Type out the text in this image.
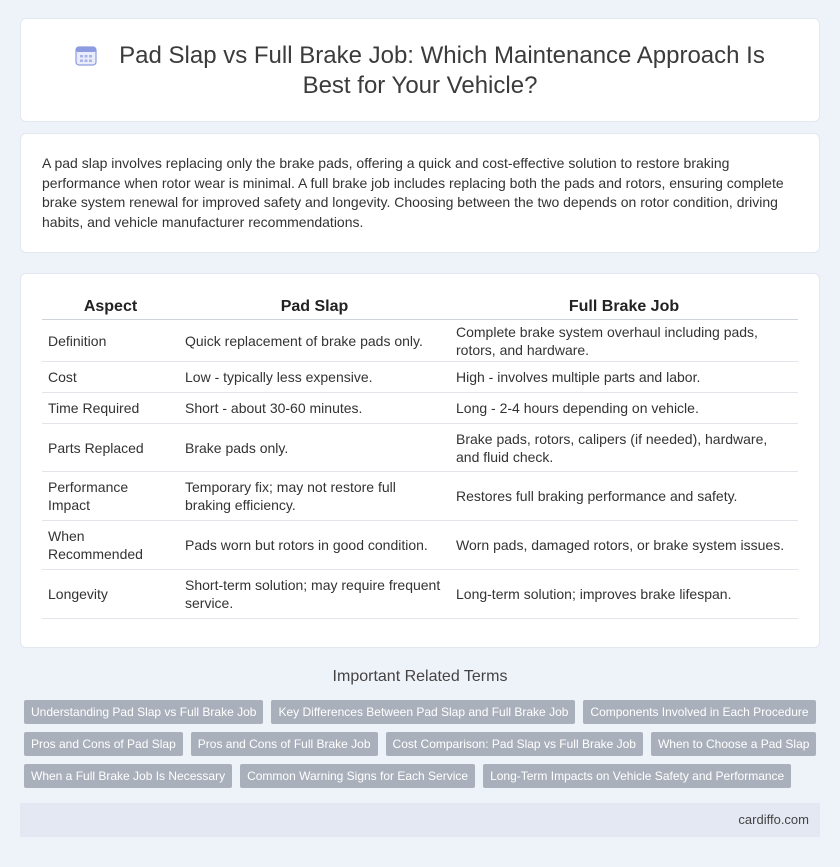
Pad Slap vs Full Brake Job: Which Maintenance Approach Is Best for Your Vehicle?

A pad slap involves replacing only the brake pads, offering a quick and cost-effective solution to restore braking performance when rotor wear is minimal. A full brake job includes replacing both the pads and rotors, ensuring complete brake system renewal for improved safety and longevity. Choosing between the two depends on rotor condition, driving habits, and vehicle manufacturer recommendations.

Aspect	Pad Slap	Full Brake Job
Definition	Quick replacement of brake pads only.	Complete brake system overhaul including pads, rotors, and hardware.
Cost	Low - typically less expensive.	High - involves multiple parts and labor.
Time Required	Short - about 30-60 minutes.	Long - 2-4 hours depending on vehicle.
Parts Replaced	Brake pads only.	Brake pads, rotors, calipers (if needed), hardware, and fluid check.
Performance Impact	Temporary fix; may not restore full braking efficiency.	Restores full braking performance and safety.
When Recommended	Pads worn but rotors in good condition.	Worn pads, damaged rotors, or brake system issues.
Longevity	Short-term solution; may require frequent service.	Long-term solution; improves brake lifespan.
Important Related Terms
Understanding Pad Slap vs Full Brake Job	Key Differences Between Pad Slap and Full Brake Job	Components Involved in Each Procedure
Pros and Cons of Pad Slap	Pros and Cons of Full Brake Job	Cost Comparison: Pad Slap vs Full Brake Job	When to Choose a Pad Slap
When a Full Brake Job Is Necessary	Common Warning Signs for Each Service	Long-Term Impacts on Vehicle Safety and Performance
cardiffo.com
